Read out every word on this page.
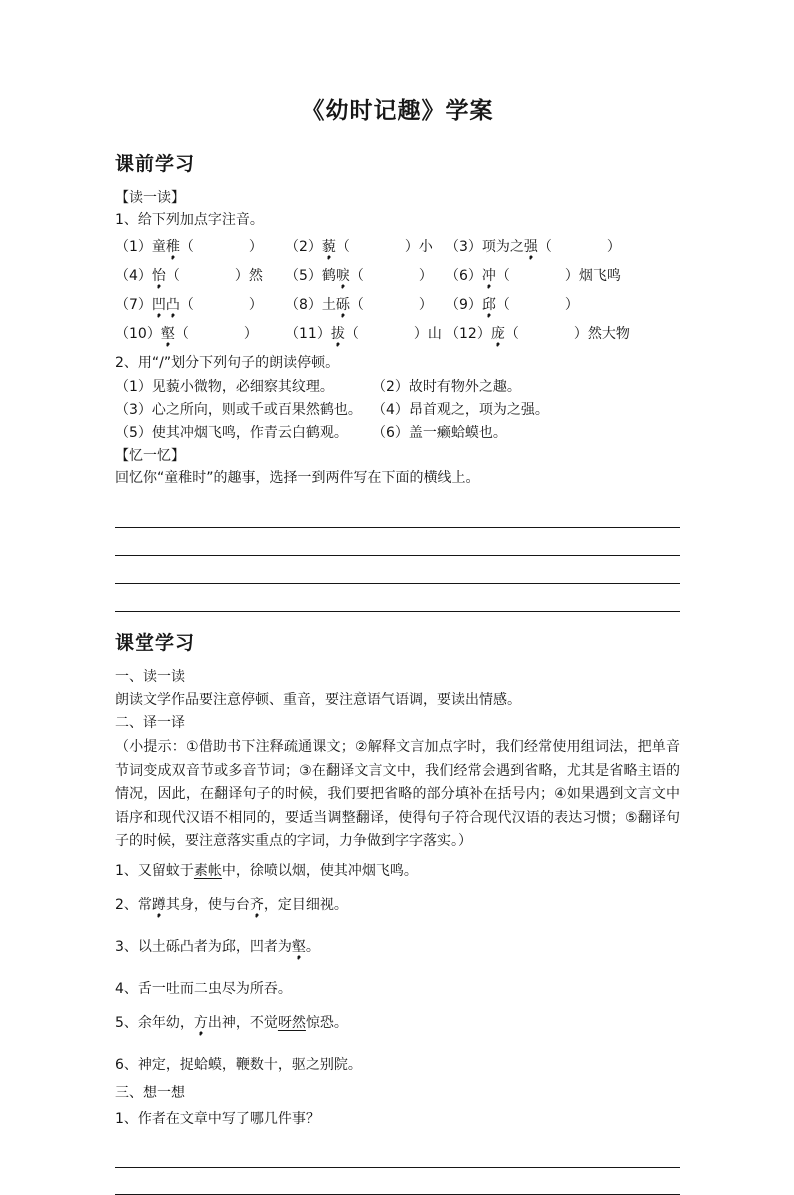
《幼时记趣》学案
课前学习
【读一读】
1、给下列加点字注音。
（1）童稚（	）	（2）藐（	）小 （3）项为之强（	）
（4）怡（	）然	（5）鹤唳（	） （6）冲（	）烟飞鸣
（7）凹凸（	）	（8）土砾（	） （9）邱（	）
（10）壑（	）	（11）拔（	）山 （12）庞（	）然大物
2、用“/”划分下列句子的朗读停顿。
（1）见藐小微物，必细察其纹理。	（2）故时有物外之趣。
（3）心之所向，则或千或百果然鹤也。 （4）昂首观之，项为之强。
（5）使其冲烟飞鸣，作青云白鹤观。	（6）盖一癞蛤蟆也。
【忆一忆】
回忆你“童稚时”的趣事，选择一到两件写在下面的横线上。
课堂学习
一、读一读
朗读文学作品要注意停顿、重音，要注意语气语调，要读出情感。
二、译一译
（小提示：①借助书下注释疏通课文；②解释文言加点字时，我们经常使用组词法，把单音节词变成双音节或多音节词；③在翻译文言文中，我们经常会遇到省略，尤其是省略主语的情况，因此，在翻译句子的时候，我们要把省略的部分填补在括号内；④如果遇到文言文中语序和现代汉语不相同的，要适当调整翻译，使得句子符合现代汉语的表达习惯；⑤翻译句子的时候，要注意落实重点的字词，力争做到字字落实。）
1、又留蚊于素帐中，徐喷以烟，使其冲烟飞鸣。
2、常蹲其身，使与台齐，定目细视。
3、以土砾凸者为邱，凹者为壑。
4、舌一吐而二虫尽为所吞。
5、余年幼，方出神，不觉呀然惊恐。
6、神定，捉蛤蟆，鞭数十，驱之别院。
三、想一想
1、作者在文章中写了哪几件事？
